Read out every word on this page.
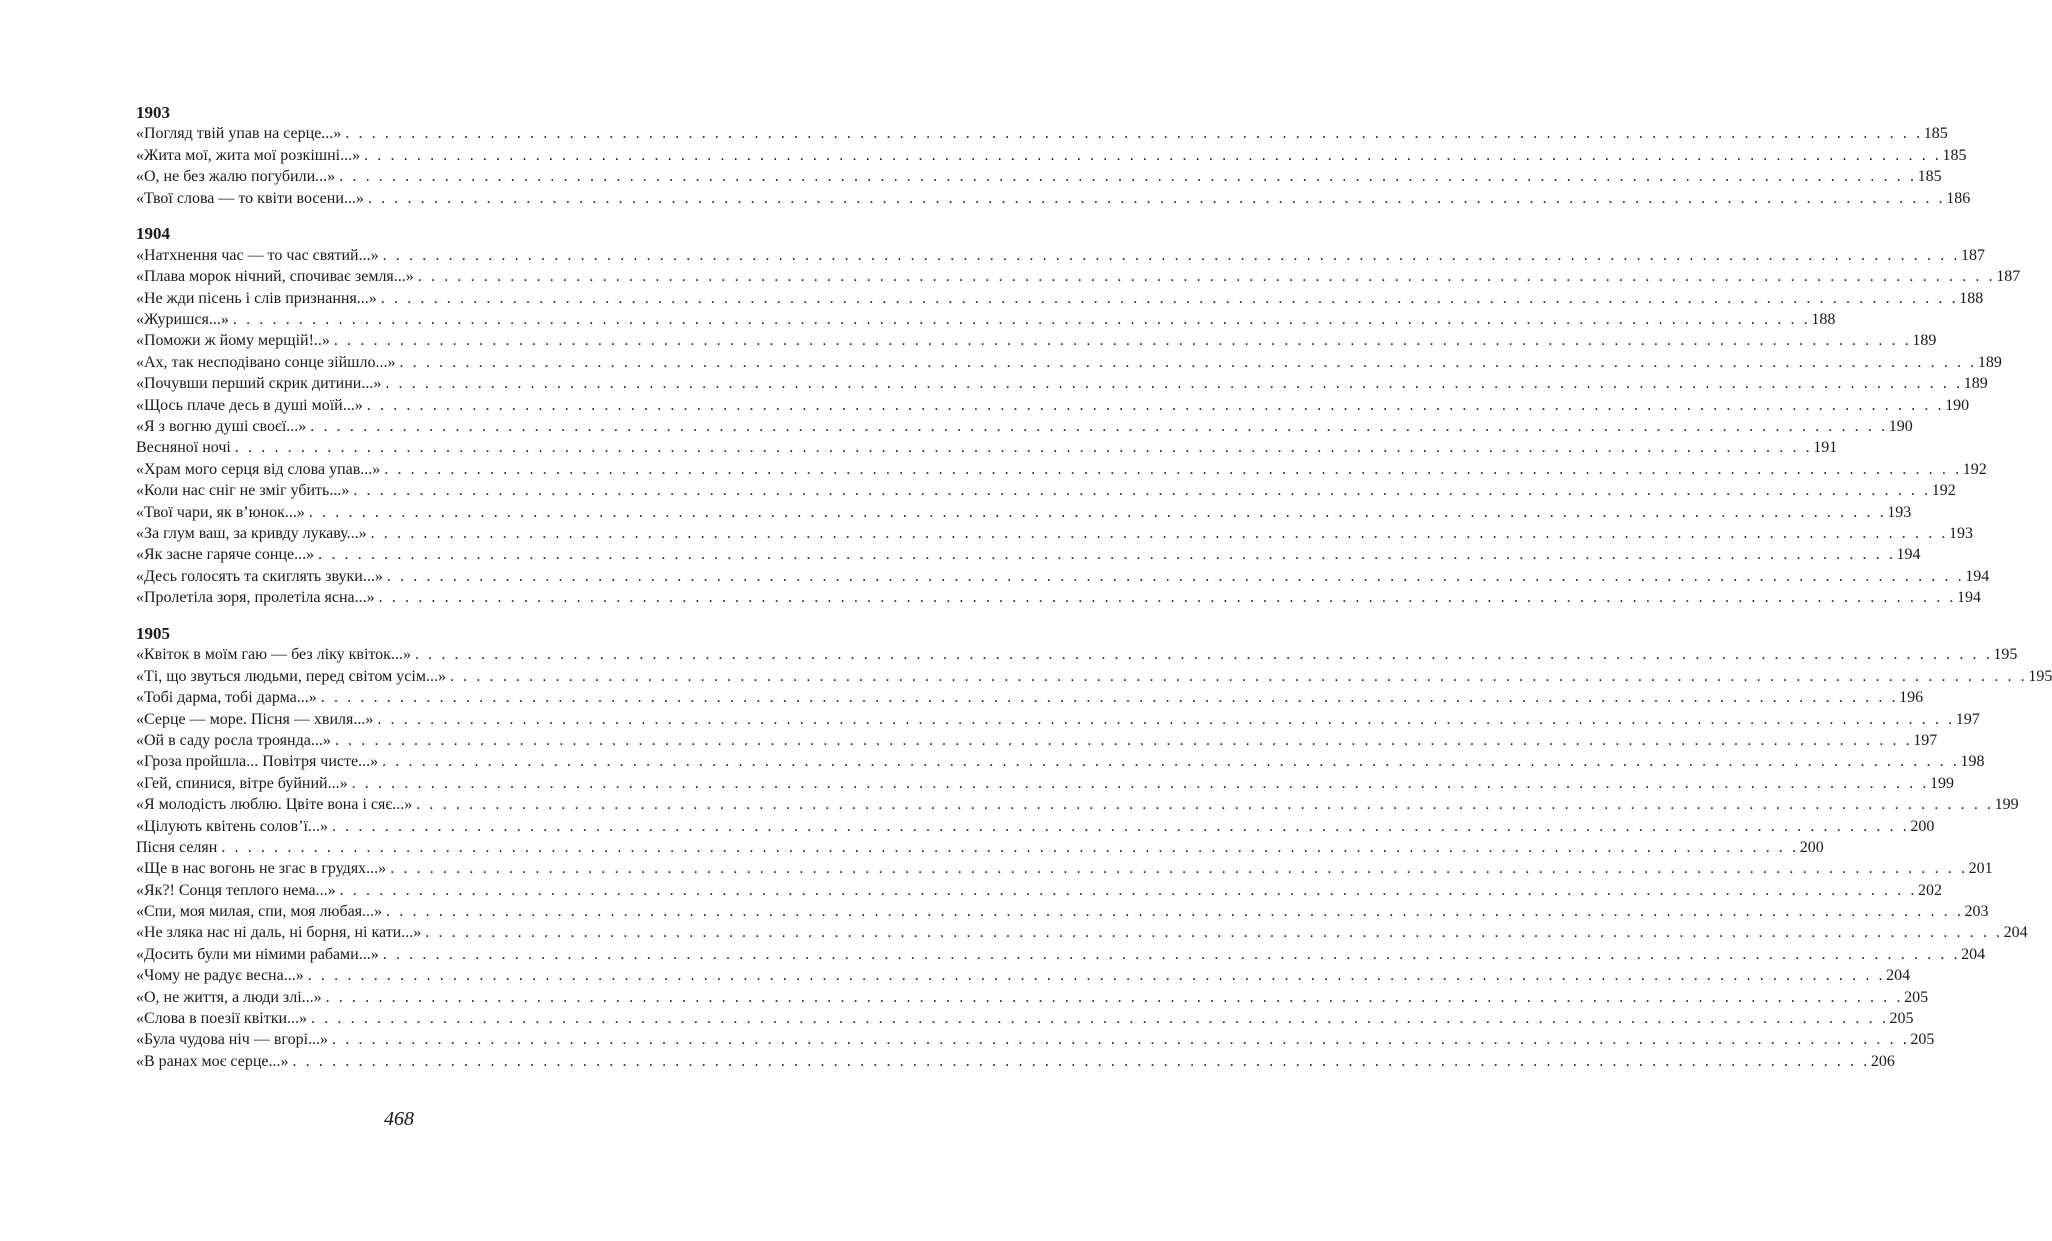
1903
«Погляд твій упав на серце...» . . . . . . . . . . . . . . . . . . . . . . . . . . . . . . . . . . . . . . . . . . . . . . . . . . . . . . . . . . . . . . . . . . . . . . . . . . . . . . . . . . . . . . . . . . . . . . . . . . . . . . . . . . . . . . . . . . . . . . . . 185
«Жита мої, жита мої розкішні...» . . . . . . . . . . . . . . . . . . . . . . . . . . . . . . . . . . . . . . . . . . . . . . . . . . . . . . . . . . . . . . . . . . . . . . . . . . . . . . . . . . . . . . . . . . . . . . . . . . . . . . . . . . . . . . . . . . . . . . . . 185
«О, не без жалю погубили...» . . . . . . . . . . . . . . . . . . . . . . . . . . . . . . . . . . . . . . . . . . . . . . . . . . . . . . . . . . . . . . . . . . . . . . . . . . . . . . . . . . . . . . . . . . . . . . . . . . . . . . . . . . . . . . . . . . . . . . . . 185
«Твої слова — то квіти восени...» . . . . . . . . . . . . . . . . . . . . . . . . . . . . . . . . . . . . . . . . . . . . . . . . . . . . . . . . . . . . . . . . . . . . . . . . . . . . . . . . . . . . . . . . . . . . . . . . . . . . . . . . . . . . . . . . . . . . . . . . 186
1904
«Натхнення час — то час святий...» . . . . . . . . . . . . . . . . . . . . . . . . . . . . . . . . . . . . . . . . . . . . . . . . . . . . . . . . . . . . . . . . . . . . . . . . . . . . . . . . . . . . . . . . . . . . . . . . . . . . . . . . . . . . . . . . . . . . . . . . 187
«Плава морок нічний, спочиває земля...» . . . . . . . . . . . . . . . . . . . . . . . . . . . . . . . . . . . . . . . . . . . . . . . . . . . . . . . . . . . . . . . . . . . . . . . . . . . . . . . . . . . . . . . . . . . . . . . . . . . . . . . . . . . . . . . . . . . . . . . . 187
«Не жди пісень і слів признання...» . . . . . . . . . . . . . . . . . . . . . . . . . . . . . . . . . . . . . . . . . . . . . . . . . . . . . . . . . . . . . . . . . . . . . . . . . . . . . . . . . . . . . . . . . . . . . . . . . . . . . . . . . . . . . . . . . . . . . . . . 188
«Журишся...» . . . . . . . . . . . . . . . . . . . . . . . . . . . . . . . . . . . . . . . . . . . . . . . . . . . . . . . . . . . . . . . . . . . . . . . . . . . . . . . . . . . . . . . . . . . . . . . . . . . . . . . . . . . . . . . . . . . . . . . . 188
«Поможи ж йому мерщій!..» . . . . . . . . . . . . . . . . . . . . . . . . . . . . . . . . . . . . . . . . . . . . . . . . . . . . . . . . . . . . . . . . . . . . . . . . . . . . . . . . . . . . . . . . . . . . . . . . . . . . . . . . . . . . . . . . . . . . . . . . 189
«Ах, так несподівано сонце зійшло...» . . . . . . . . . . . . . . . . . . . . . . . . . . . . . . . . . . . . . . . . . . . . . . . . . . . . . . . . . . . . . . . . . . . . . . . . . . . . . . . . . . . . . . . . . . . . . . . . . . . . . . . . . . . . . . . . . . . . . . . . 189
«Почувши перший скрик дитини...» . . . . . . . . . . . . . . . . . . . . . . . . . . . . . . . . . . . . . . . . . . . . . . . . . . . . . . . . . . . . . . . . . . . . . . . . . . . . . . . . . . . . . . . . . . . . . . . . . . . . . . . . . . . . . . . . . . . . . . . . 189
«Щось плаче десь в душі моїй...» . . . . . . . . . . . . . . . . . . . . . . . . . . . . . . . . . . . . . . . . . . . . . . . . . . . . . . . . . . . . . . . . . . . . . . . . . . . . . . . . . . . . . . . . . . . . . . . . . . . . . . . . . . . . . . . . . . . . . . . . 190
«Я з вогню душі своєї...» . . . . . . . . . . . . . . . . . . . . . . . . . . . . . . . . . . . . . . . . . . . . . . . . . . . . . . . . . . . . . . . . . . . . . . . . . . . . . . . . . . . . . . . . . . . . . . . . . . . . . . . . . . . . . . . . . . . . . . . . 190
Весняної ночі . . . . . . . . . . . . . . . . . . . . . . . . . . . . . . . . . . . . . . . . . . . . . . . . . . . . . . . . . . . . . . . . . . . . . . . . . . . . . . . . . . . . . . . . . . . . . . . . . . . . . . . . . . . . . . . . . . . . . . . . 191
«Храм мого серця від слова упав...» . . . . . . . . . . . . . . . . . . . . . . . . . . . . . . . . . . . . . . . . . . . . . . . . . . . . . . . . . . . . . . . . . . . . . . . . . . . . . . . . . . . . . . . . . . . . . . . . . . . . . . . . . . . . . . . . . . . . . . . . 192
«Коли нас сніг не зміг убить...» . . . . . . . . . . . . . . . . . . . . . . . . . . . . . . . . . . . . . . . . . . . . . . . . . . . . . . . . . . . . . . . . . . . . . . . . . . . . . . . . . . . . . . . . . . . . . . . . . . . . . . . . . . . . . . . . . . . . . . . . 192
«Твої чари, як в’юнок...» . . . . . . . . . . . . . . . . . . . . . . . . . . . . . . . . . . . . . . . . . . . . . . . . . . . . . . . . . . . . . . . . . . . . . . . . . . . . . . . . . . . . . . . . . . . . . . . . . . . . . . . . . . . . . . . . . . . . . . . . 193
«За глум ваш, за кривду лукаву...» . . . . . . . . . . . . . . . . . . . . . . . . . . . . . . . . . . . . . . . . . . . . . . . . . . . . . . . . . . . . . . . . . . . . . . . . . . . . . . . . . . . . . . . . . . . . . . . . . . . . . . . . . . . . . . . . . . . . . . . . 193
«Як засне гаряче сонце...» . . . . . . . . . . . . . . . . . . . . . . . . . . . . . . . . . . . . . . . . . . . . . . . . . . . . . . . . . . . . . . . . . . . . . . . . . . . . . . . . . . . . . . . . . . . . . . . . . . . . . . . . . . . . . . . . . . . . . . . . 194
«Десь голосять та скиглять звуки...» . . . . . . . . . . . . . . . . . . . . . . . . . . . . . . . . . . . . . . . . . . . . . . . . . . . . . . . . . . . . . . . . . . . . . . . . . . . . . . . . . . . . . . . . . . . . . . . . . . . . . . . . . . . . . . . . . . . . . . . . 194
«Пролетіла зоря, пролетіла ясна...» . . . . . . . . . . . . . . . . . . . . . . . . . . . . . . . . . . . . . . . . . . . . . . . . . . . . . . . . . . . . . . . . . . . . . . . . . . . . . . . . . . . . . . . . . . . . . . . . . . . . . . . . . . . . . . . . . . . . . . . . 194
1905
«Квіток в моїм гаю — без ліку квіток...» . . . . . . . . . . . . . . . . . . . . . . . . . . . . . . . . . . . . . . . . . . . . . . . . . . . . . . . . . . . . . . . . . . . . . . . . . . . . . . . . . . . . . . . . . . . . . . . . . . . . . . . . . . . . . . . . . . . . . . . . 195
«Ті, що звуться людьми, перед світом усім...» . . . . . . . . . . . . . . . . . . . . . . . . . . . . . . . . . . . . . . . . . . . . . . . . . . . . . . . . . . . . . . . . . . . . . . . . . . . . . . . . . . . . . . . . . . . . . . . . . . . . . . . . . . . . . . . . . . . . . . . . 195
«Тобі дарма, тобі дарма...» . . . . . . . . . . . . . . . . . . . . . . . . . . . . . . . . . . . . . . . . . . . . . . . . . . . . . . . . . . . . . . . . . . . . . . . . . . . . . . . . . . . . . . . . . . . . . . . . . . . . . . . . . . . . . . . . . . . . . . . . 196
«Серце — море. Пісня — хвиля...» . . . . . . . . . . . . . . . . . . . . . . . . . . . . . . . . . . . . . . . . . . . . . . . . . . . . . . . . . . . . . . . . . . . . . . . . . . . . . . . . . . . . . . . . . . . . . . . . . . . . . . . . . . . . . . . . . . . . . . . . 197
«Ой в саду росла троянда...» . . . . . . . . . . . . . . . . . . . . . . . . . . . . . . . . . . . . . . . . . . . . . . . . . . . . . . . . . . . . . . . . . . . . . . . . . . . . . . . . . . . . . . . . . . . . . . . . . . . . . . . . . . . . . . . . . . . . . . . . 197
«Гроза пройшла... Повітря чисте...» . . . . . . . . . . . . . . . . . . . . . . . . . . . . . . . . . . . . . . . . . . . . . . . . . . . . . . . . . . . . . . . . . . . . . . . . . . . . . . . . . . . . . . . . . . . . . . . . . . . . . . . . . . . . . . . . . . . . . . . . 198
«Гей, спинися, вітре буйний...» . . . . . . . . . . . . . . . . . . . . . . . . . . . . . . . . . . . . . . . . . . . . . . . . . . . . . . . . . . . . . . . . . . . . . . . . . . . . . . . . . . . . . . . . . . . . . . . . . . . . . . . . . . . . . . . . . . . . . . . . 199
«Я молодість люблю. Цвіте вона і сяє...» . . . . . . . . . . . . . . . . . . . . . . . . . . . . . . . . . . . . . . . . . . . . . . . . . . . . . . . . . . . . . . . . . . . . . . . . . . . . . . . . . . . . . . . . . . . . . . . . . . . . . . . . . . . . . . . . . . . . . . . . 199
«Цілують квітень солов’ї...» . . . . . . . . . . . . . . . . . . . . . . . . . . . . . . . . . . . . . . . . . . . . . . . . . . . . . . . . . . . . . . . . . . . . . . . . . . . . . . . . . . . . . . . . . . . . . . . . . . . . . . . . . . . . . . . . . . . . . . . . 200
Пісня селян . . . . . . . . . . . . . . . . . . . . . . . . . . . . . . . . . . . . . . . . . . . . . . . . . . . . . . . . . . . . . . . . . . . . . . . . . . . . . . . . . . . . . . . . . . . . . . . . . . . . . . . . . . . . . . . . . . . . . . . . 200
«Ще в нас вогонь не згас в грудях...» . . . . . . . . . . . . . . . . . . . . . . . . . . . . . . . . . . . . . . . . . . . . . . . . . . . . . . . . . . . . . . . . . . . . . . . . . . . . . . . . . . . . . . . . . . . . . . . . . . . . . . . . . . . . . . . . . . . . . . . . 201
«Як?! Сонця теплого нема...» . . . . . . . . . . . . . . . . . . . . . . . . . . . . . . . . . . . . . . . . . . . . . . . . . . . . . . . . . . . . . . . . . . . . . . . . . . . . . . . . . . . . . . . . . . . . . . . . . . . . . . . . . . . . . . . . . . . . . . . . 202
«Спи, моя милая, спи, моя любая...» . . . . . . . . . . . . . . . . . . . . . . . . . . . . . . . . . . . . . . . . . . . . . . . . . . . . . . . . . . . . . . . . . . . . . . . . . . . . . . . . . . . . . . . . . . . . . . . . . . . . . . . . . . . . . . . . . . . . . . . . 203
«Не зляка нас ні даль, ні борня, ні кати...» . . . . . . . . . . . . . . . . . . . . . . . . . . . . . . . . . . . . . . . . . . . . . . . . . . . . . . . . . . . . . . . . . . . . . . . . . . . . . . . . . . . . . . . . . . . . . . . . . . . . . . . . . . . . . . . . . . . . . . . . 204
«Досить були ми німими рабами...» . . . . . . . . . . . . . . . . . . . . . . . . . . . . . . . . . . . . . . . . . . . . . . . . . . . . . . . . . . . . . . . . . . . . . . . . . . . . . . . . . . . . . . . . . . . . . . . . . . . . . . . . . . . . . . . . . . . . . . . . 204
«Чому не радує весна...» . . . . . . . . . . . . . . . . . . . . . . . . . . . . . . . . . . . . . . . . . . . . . . . . . . . . . . . . . . . . . . . . . . . . . . . . . . . . . . . . . . . . . . . . . . . . . . . . . . . . . . . . . . . . . . . . . . . . . . . . 204
«О, не життя, а люди злі...» . . . . . . . . . . . . . . . . . . . . . . . . . . . . . . . . . . . . . . . . . . . . . . . . . . . . . . . . . . . . . . . . . . . . . . . . . . . . . . . . . . . . . . . . . . . . . . . . . . . . . . . . . . . . . . . . . . . . . . . . 205
«Слова в поезії квітки...» . . . . . . . . . . . . . . . . . . . . . . . . . . . . . . . . . . . . . . . . . . . . . . . . . . . . . . . . . . . . . . . . . . . . . . . . . . . . . . . . . . . . . . . . . . . . . . . . . . . . . . . . . . . . . . . . . . . . . . . . 205
«Була чудова ніч — вгорі...» . . . . . . . . . . . . . . . . . . . . . . . . . . . . . . . . . . . . . . . . . . . . . . . . . . . . . . . . . . . . . . . . . . . . . . . . . . . . . . . . . . . . . . . . . . . . . . . . . . . . . . . . . . . . . . . . . . . . . . . . 205
«В ранах моє серце...» . . . . . . . . . . . . . . . . . . . . . . . . . . . . . . . . . . . . . . . . . . . . . . . . . . . . . . . . . . . . . . . . . . . . . . . . . . . . . . . . . . . . . . . . . . . . . . . . . . . . . . . . . . . . . . . . . . . . . . . . 206
468
